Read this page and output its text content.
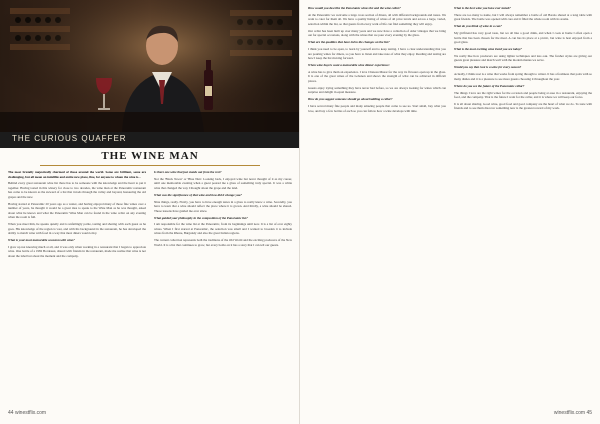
THE CURIOUS QUAFFER
THE WINE MAN

The most brutally majestically charmed of those around the world. Some are brilliant, some are challenging, but all mean an indelible and entire new place, fine, for anyone to whom the wine is...

Behind every great restaurant wine list there has to be someone with the knowledge and the heart to put it together. Having tasted in this winery for close to two decades, the wine man at the Panoramic restaurant has come to be known as the steward of a list that travels through the valley and beyond, honouring the old grapes and the new.

Having started at Panoramic 20 years ago as a waiter, and having enjoyed many of those fine wines over a number of years, he thought it would be a great idea to speak to the Wine Man as he was thought, asked about what he knows and what the Panoramic Wine Man can be found in the wine cellar on any evening when the room is full.

When you meet him, he speaks quietly and is unfailingly polite, tasting and sharing with each guest as he goes. His knowledge of the region is vast, and with his background in the restaurant, he has developed the ability to match wine with food in a way that most diners would envy.

What is your most memorable occasion with wine?

I grew up not knowing much at all, and it was only when working in a restaurant that I began to appreciate wine. One bottle of a 1982 Bordeaux, shared with friends in the restaurant, made me realise that wine is not about the label but about the moment and the company.

Is there one wine that just stands out from the rest?

Not the 'Black Tower' or 'Blue Nun'. Looking back, I enjoyed wine but never thought of it as my career, until one memorable evening when a guest poured me a glass of something truly special. It was a white wine that changed the way I thought about the grape and the land.

What was the significance of that wine and how did it change you?

Nine things, really. Firstly, you have to have enough tastes in a glass to really know a wine. Secondly, you have to learn that a wine should reflect the place where it is grown. And thirdly, a wine should be shared. Those lessons have guided me ever since.

What guided your philosophy in the composition of the Panoramic list?

I am responsible for the wine list at the Panoramic, from its beginnings until now. It is a list of over eighty wines. When I first started at Panoramic, the selection was small and I wanted to broaden it to include wines from the Rhone, Burgundy and also the great Italian regions.

The current collection represents both the traditions of the Old World and the exciting producers of the New World. It is a list that continues to grow, but every bottle on it has a story that I can tell our guests.

44 winestflix.com

How would you describe the Panoramic wines list and the wine cellar?

At the Panoramic we welcome a large cross section of diners, all with different backgrounds and tastes. We want to cater for them all. We have a quality listing of wines of all price levels and across a large, varied, selection within the list, so that guests from every walk of life can find something they will enjoy.

Our cellar has been built up over many years and we now have a collection of older vintages that we bring out for special occasions, along with the wines that we pour every evening by the glass.

What are the qualities that have led to the changes on the list?

I think you need to be open, to learn by yourself and to keep tasting. I have a clear understanding that you are pouring wines for diners, so you have to listen and take note of what they enjoy. Reading and tasting are how I keep the list moving forward.

When wine buyers want a memorable wine dinner experience:

A wine has to give them an experience. I love Chateau Musar for the way its flavours open up in the glass. It is one of the great wines of the Lebanon and shows the strength of what can be achieved in difficult places.

Guests enjoy trying something they have never had before, so we are always looking for wines which can surprise and delight in equal measure.

How do you suggest someone should go about building a cellar?

I have served many fine people and many amazing people that come to see us. Start small, buy what you love, and buy a few bottles of each so you can follow how a wine develops with time.

What is the best wine you have ever tasted?

There are too many to name, but I will always remember a bottle of old Barolo shared at a long table with great friends. The bottle was opened with care and it filled the whole room with its aroma.

What do you think of wine in a can?

My girlfriend has very good taste, but we all like a good drink, and when I cook at home I often open a bottle that has been chosen for the meal. A can has its place at a picnic, but wine is best enjoyed from a good glass.

What is the most exciting wine trend you see today?

We really like how producers are using lighter techniques and less oak. The fresher styles are giving our guests great pleasure and match well with the modern menus we serve.

Would you say that rosé is a wine for every season?

Actually, I think rosé is a wine that works from spring through to winter. It has a freshness that pairs with so many dishes and it is a pleasure to see more guests choosing it throughout the year.

Where do you see the future of the Panoramic cellar?

The things I love are the right wines for the occasion and people being at ease in a restaurant, enjoying the food, and the company. That is the future I want for the cellar, and it is where we will keep our focus.

It is all about sharing. Good wine, good food and good company are the heart of what we do. To taste with friends and to see them discover something new is the greatest reward of my work.

winestflix.com 45
